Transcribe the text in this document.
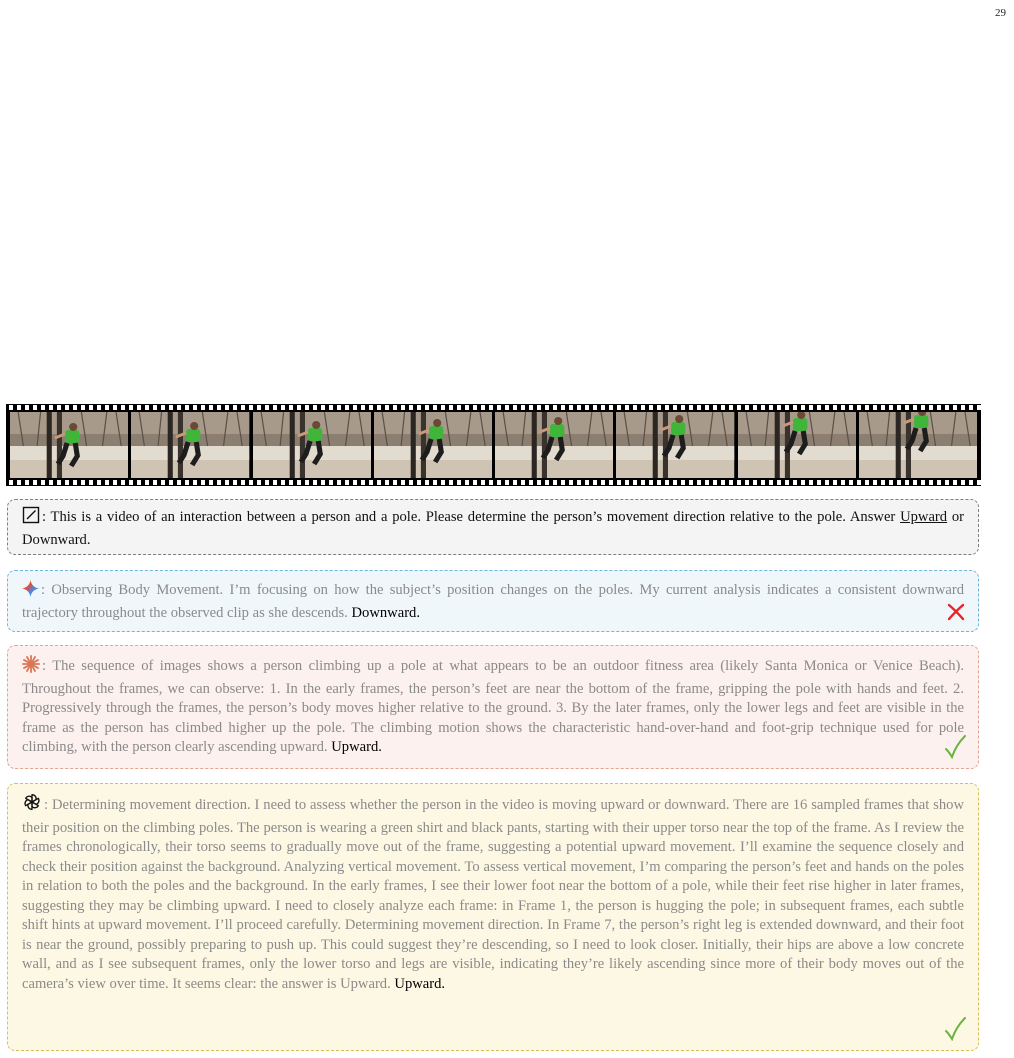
29
: This is a video of an interaction between a person and a pole. Please determine the person’s movement direction relative to the pole. Answer Upward or Downward.
: Observing Body Movement. I’m focusing on how the subject’s position changes on the poles. My current analysis indicates a consistent downward trajectory throughout the observed clip as she descends. Downward.
: The sequence of images shows a person climbing up a pole at what appears to be an outdoor fitness area (likely Santa Monica or Venice Beach). Throughout the frames, we can observe: 1. In the early frames, the person’s feet are near the bottom of the frame, gripping the pole with hands and feet. 2. Progressively through the frames, the person’s body moves higher relative to the ground. 3. By the later frames, only the lower legs and feet are visible in the frame as the person has climbed higher up the pole. The climbing motion shows the characteristic hand-over-hand and foot-grip technique used for pole climbing, with the person clearly ascending upward. Upward.
: Determining movement direction. I need to assess whether the person in the video is moving upward or downward. There are 16 sampled frames that show their position on the climbing poles. The person is wearing a green shirt and black pants, starting with their upper torso near the top of the frame. As I review the frames chronologically, their torso seems to gradually move out of the frame, suggesting a potential upward movement. I’ll examine the sequence closely and check their position against the background. Analyzing vertical movement. To assess vertical movement, I’m comparing the person’s feet and hands on the poles in relation to both the poles and the background. In the early frames, I see their lower foot near the bottom of a pole, while their feet rise higher in later frames, suggesting they may be climbing upward. I need to closely analyze each frame: in Frame 1, the person is hugging the pole; in subsequent frames, each subtle shift hints at upward movement. I’ll proceed carefully. Determining movement direction. In Frame 7, the person’s right leg is extended downward, and their foot is near the ground, possibly preparing to push up. This could suggest they’re descending, so I need to look closer. Initially, their hips are above a low concrete wall, and as I see subsequent frames, only the lower torso and legs are visible, indicating they’re likely ascending since more of their body moves out of the camera’s view over time. It seems clear: the answer is Upward. Upward.
